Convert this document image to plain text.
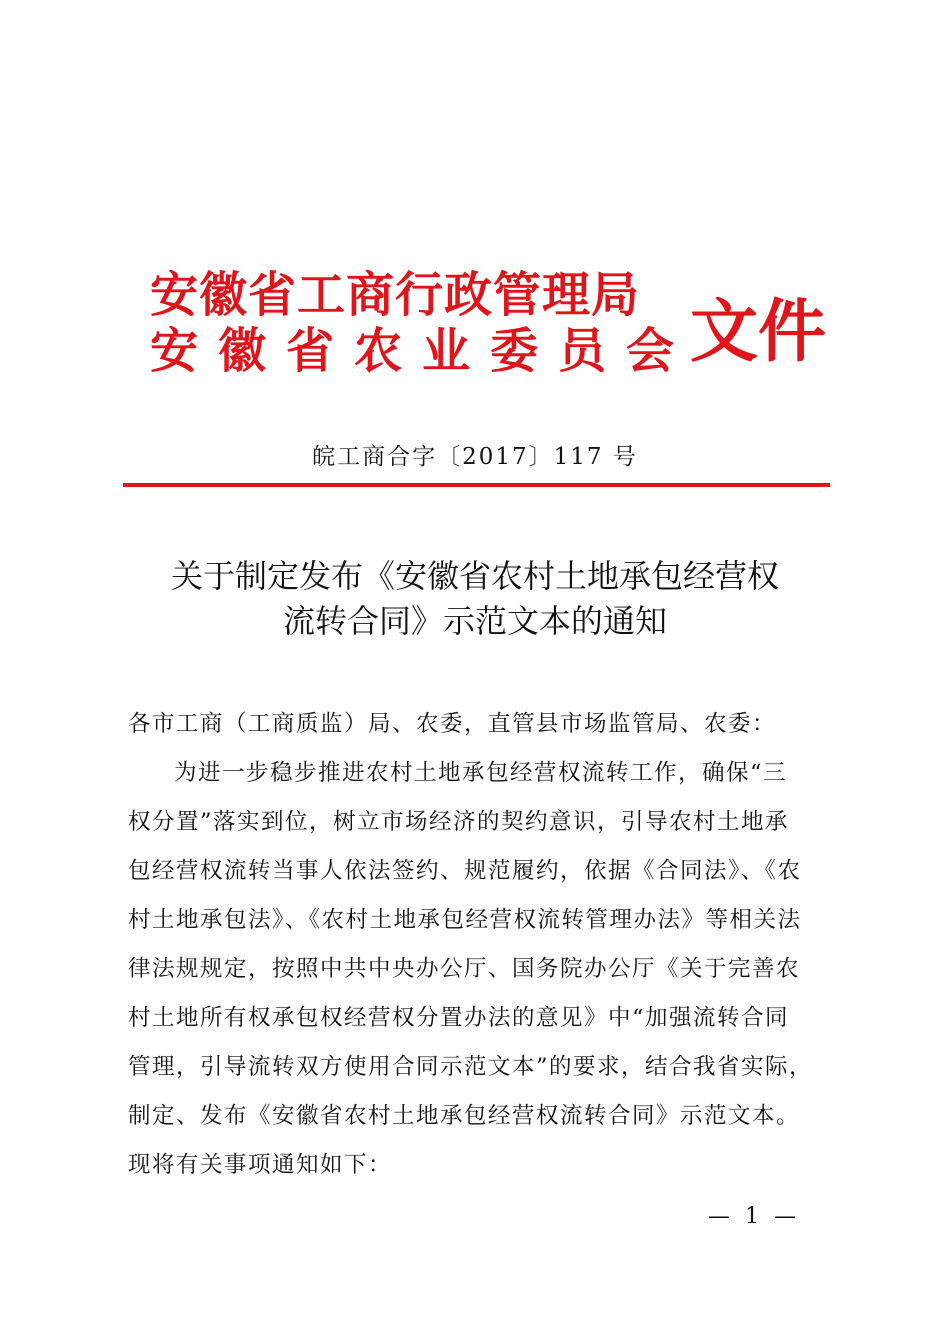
安徽省工商行政管理局
安徽省农业委员会
文件
皖工商合字〔2017〕117 号
关于制定发布《安徽省农村土地承包经营权
流转合同》示范文本的通知
各市工商（工商质监）局、农委，直管县市场监管局、农委：
为进一步稳步推进农村土地承包经营权流转工作，确保“三
权分置”落实到位，树立市场经济的契约意识，引导农村土地承
包经营权流转当事人依法签约、规范履约，依据《合同法》、《农
村土地承包法》、《农村土地承包经营权流转管理办法》等相关法
律法规规定，按照中共中央办公厅、国务院办公厅《关于完善农
村土地所有权承包权经营权分置办法的意见》中“加强流转合同
管理，引导流转双方使用合同示范文本”的要求，结合我省实际，
制定、发布《安徽省农村土地承包经营权流转合同》示范文本。
现将有关事项通知如下：
— 1 —
